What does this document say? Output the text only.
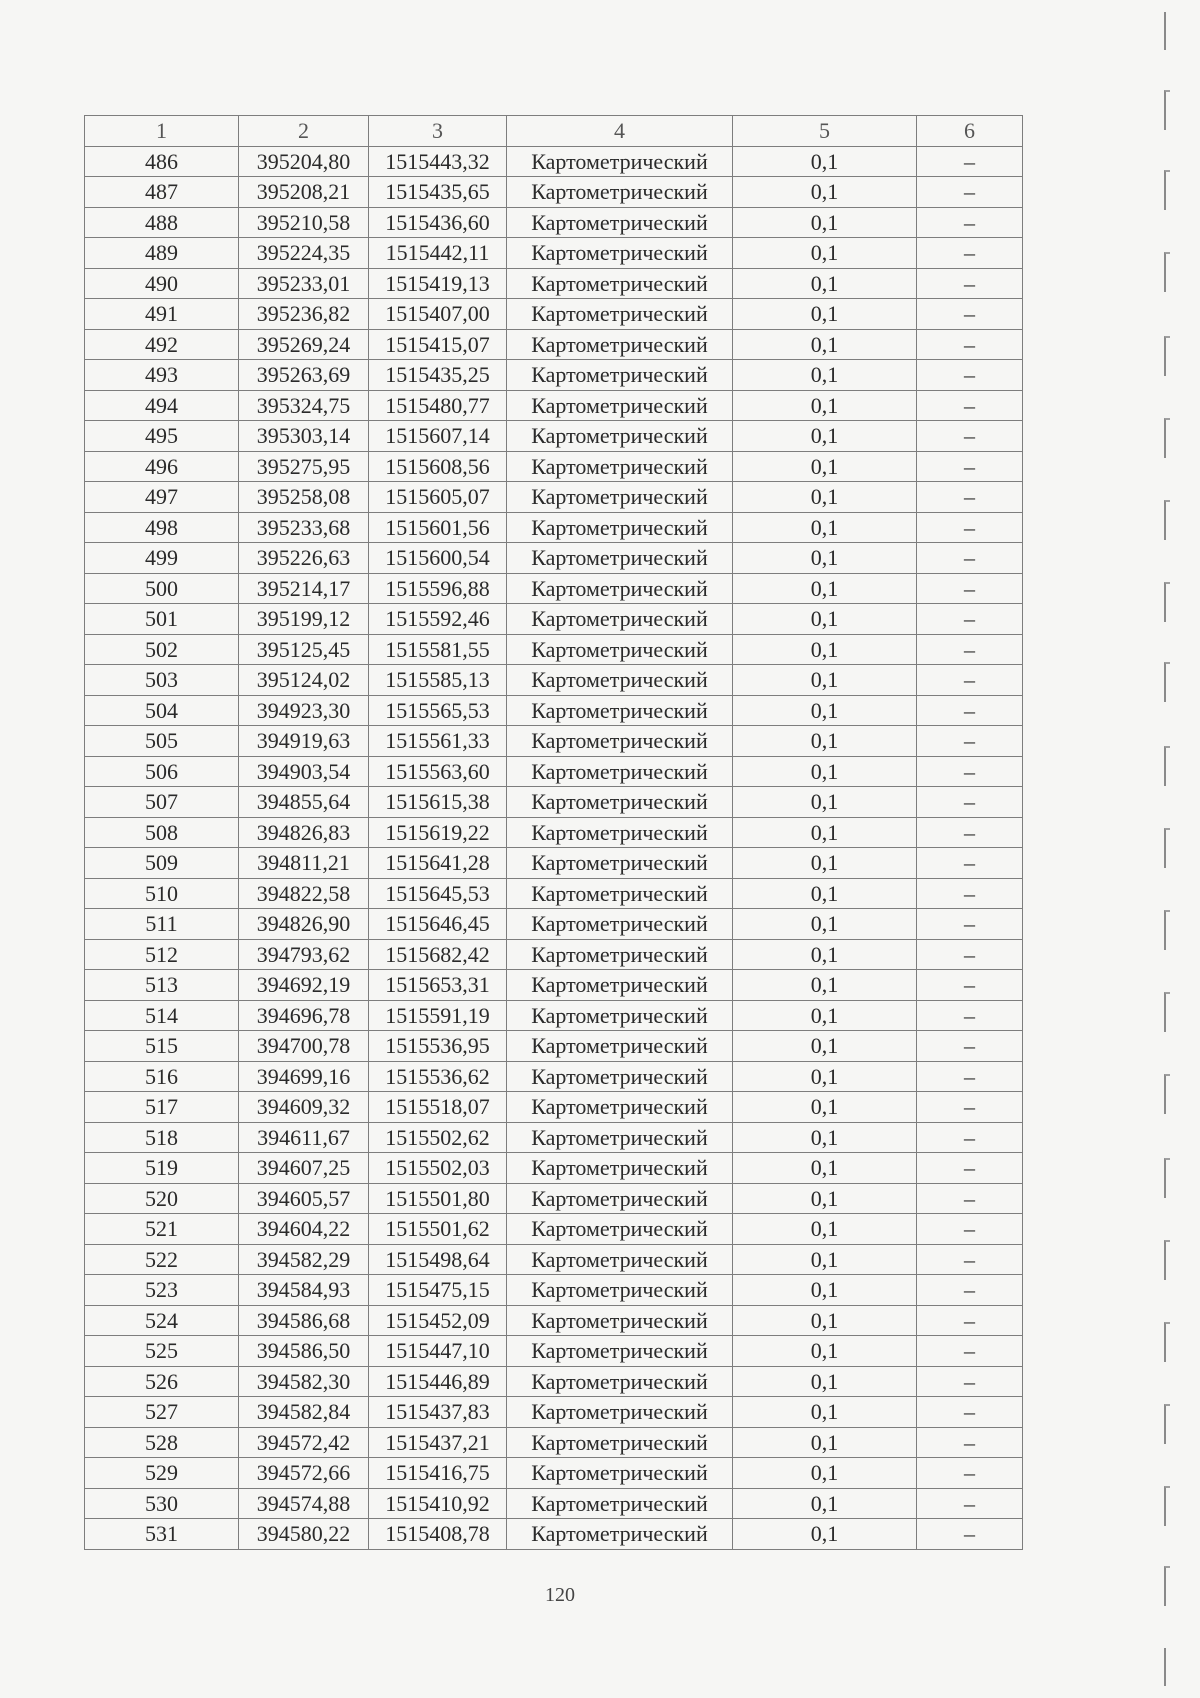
1	2	3	4	5	6
486	395204,80	1515443,32	Картометрический	0,1	–
487	395208,21	1515435,65	Картометрический	0,1	–
488	395210,58	1515436,60	Картометрический	0,1	–
489	395224,35	1515442,11	Картометрический	0,1	–
490	395233,01	1515419,13	Картометрический	0,1	–
491	395236,82	1515407,00	Картометрический	0,1	–
492	395269,24	1515415,07	Картометрический	0,1	–
493	395263,69	1515435,25	Картометрический	0,1	–
494	395324,75	1515480,77	Картометрический	0,1	–
495	395303,14	1515607,14	Картометрический	0,1	–
496	395275,95	1515608,56	Картометрический	0,1	–
497	395258,08	1515605,07	Картометрический	0,1	–
498	395233,68	1515601,56	Картометрический	0,1	–
499	395226,63	1515600,54	Картометрический	0,1	–
500	395214,17	1515596,88	Картометрический	0,1	–
501	395199,12	1515592,46	Картометрический	0,1	–
502	395125,45	1515581,55	Картометрический	0,1	–
503	395124,02	1515585,13	Картометрический	0,1	–
504	394923,30	1515565,53	Картометрический	0,1	–
505	394919,63	1515561,33	Картометрический	0,1	–
506	394903,54	1515563,60	Картометрический	0,1	–
507	394855,64	1515615,38	Картометрический	0,1	–
508	394826,83	1515619,22	Картометрический	0,1	–
509	394811,21	1515641,28	Картометрический	0,1	–
510	394822,58	1515645,53	Картометрический	0,1	–
511	394826,90	1515646,45	Картометрический	0,1	–
512	394793,62	1515682,42	Картометрический	0,1	–
513	394692,19	1515653,31	Картометрический	0,1	–
514	394696,78	1515591,19	Картометрический	0,1	–
515	394700,78	1515536,95	Картометрический	0,1	–
516	394699,16	1515536,62	Картометрический	0,1	–
517	394609,32	1515518,07	Картометрический	0,1	–
518	394611,67	1515502,62	Картометрический	0,1	–
519	394607,25	1515502,03	Картометрический	0,1	–
520	394605,57	1515501,80	Картометрический	0,1	–
521	394604,22	1515501,62	Картометрический	0,1	–
522	394582,29	1515498,64	Картометрический	0,1	–
523	394584,93	1515475,15	Картометрический	0,1	–
524	394586,68	1515452,09	Картометрический	0,1	–
525	394586,50	1515447,10	Картометрический	0,1	–
526	394582,30	1515446,89	Картометрический	0,1	–
527	394582,84	1515437,83	Картометрический	0,1	–
528	394572,42	1515437,21	Картометрический	0,1	–
529	394572,66	1515416,75	Картометрический	0,1	–
530	394574,88	1515410,92	Картометрический	0,1	–
531	394580,22	1515408,78	Картометрический	0,1	–
120
